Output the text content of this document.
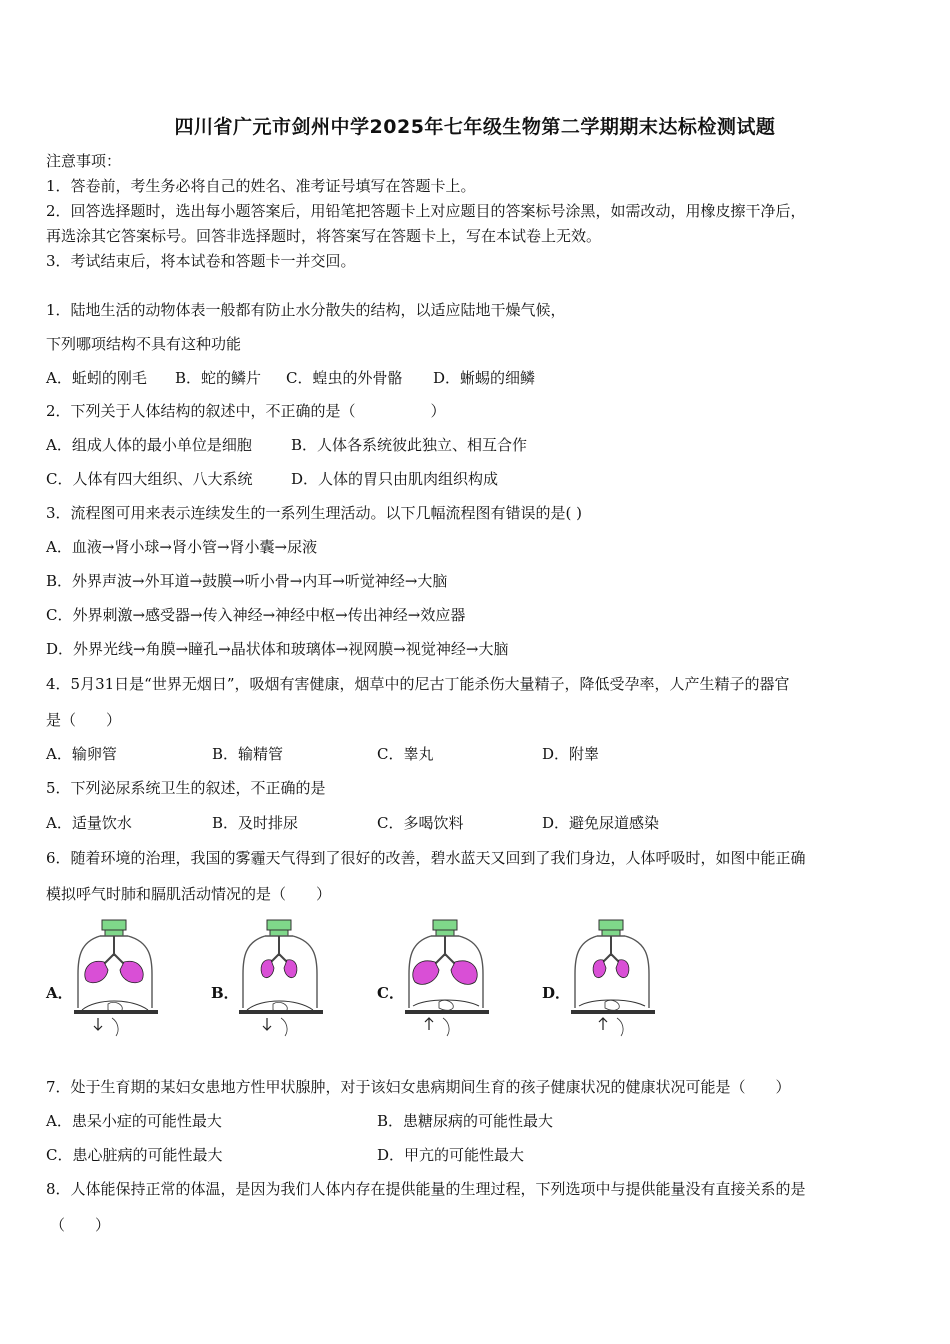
四川省广元市剑州中学2025年七年级生物第二学期期末达标检测试题
注意事项：
1．答卷前，考生务必将自己的姓名、准考证号填写在答题卡上。
2．回答选择题时，选出每小题答案后，用铅笔把答题卡上对应题目的答案标号涂黑，如需改动，用橡皮擦干净后，
再选涂其它答案标号。回答非选择题时，将答案写在答题卡上，写在本试卷上无效。
3．考试结束后，将本试卷和答题卡一并交回。
1．陆地生活的动物体表一般都有防止水分散失的结构，以适应陆地干燥气候，
下列哪项结构不具有这种功能
A．蚯蚓的刚毛 B．蛇的鳞片 C．蝗虫的外骨骼 D．蜥蜴的细鳞
2．下列关于人体结构的叙述中，不正确的是（　　　　　）
A．组成人体的最小单位是细胞	B．人体各系统彼此独立、相互合作
C．人体有四大组织、八大系统	D．人体的胃只由肌肉组织构成
3．流程图可用来表示连续发生的一系列生理活动。以下几幅流程图有错误的是( )
A．血液→肾小球→肾小管→肾小囊→尿液
B．外界声波→外耳道→鼓膜→听小骨→内耳→听觉神经→大脑
C．外界刺激→感受器→传入神经→神经中枢→传出神经→效应器
D．外界光线→角膜→瞳孔→晶状体和玻璃体→视网膜→视觉神经→大脑
4．5月31日是“世界无烟日”，吸烟有害健康，烟草中的尼古丁能杀伤大量精子，降低受孕率，人产生精子的器官
是（　　）
A．输卵管	B．输精管	C．睾丸	D．附睾
5．下列泌尿系统卫生的叙述，不正确的是
A．适量饮水	B．及时排尿	C．多喝饮料	D．避免尿道感染
6．随着环境的治理，我国的雾霾天气得到了很好的改善，碧水蓝天又回到了我们身边，人体呼吸时，如图中能正确
模拟呼气时肺和膈肌活动情况的是（　　）
A．	B．	C．	D．
7．处于生育期的某妇女患地方性甲状腺肿，对于该妇女患病期间生育的孩子健康状况的健康状况可能是（　　）
A．患呆小症的可能性最大	B．患糖尿病的可能性最大
C．患心脏病的可能性最大	D．甲亢的可能性最大
8．人体能保持正常的体温，是因为我们人体内存在提供能量的生理过程，下列选项中与提供能量没有直接关系的是
（　　）
